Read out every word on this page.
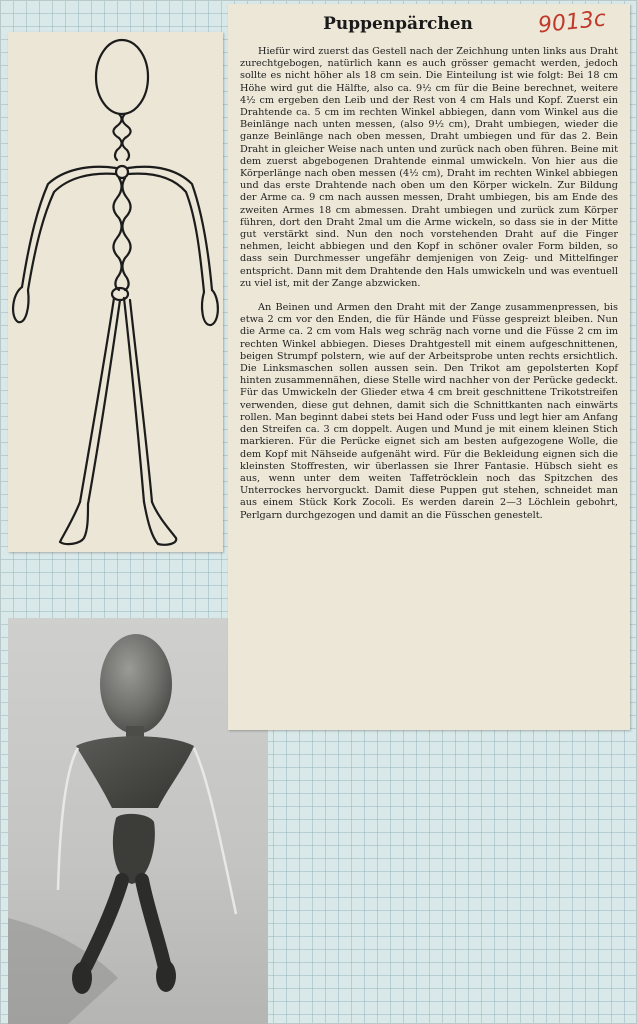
Puppenpärchen	9013c

Hiefür wird zuerst das Gestell nach der Zeichhung unten links aus Draht zurechtgebogen, natürlich kann es auch grösser gemacht werden, jedoch sollte es nicht höher als 18 cm sein. Die Einteilung ist wie folgt: Bei 18 cm Höhe wird gut die Hälfte, also ca. 9½ cm für die Beine berechnet, weitere 4½ cm ergeben den Leib und der Rest von 4 cm Hals und Kopf. Zuerst ein Drahtende ca. 5 cm im rechten Winkel abbiegen, dann vom Winkel aus die Beinlänge nach unten messen, (also 9½ cm), Draht umbiegen, wieder die ganze Beinlänge nach oben messen, Draht umbiegen und für das 2. Bein Draht in gleicher Weise nach unten und zurück nach oben führen. Beine mit dem zuerst abgebogenen Drahtende einmal umwickeln. Von hier aus die Körperlänge nach oben messen (4½ cm), Draht im rechten Winkel abbiegen und das erste Drahtende nach oben um den Körper wickeln. Zur Bildung der Arme ca. 9 cm nach aussen messen, Draht umbiegen, bis am Ende des zweiten Armes 18 cm abmessen. Draht umbiegen und zurück zum Körper führen, dort den Draht 2mal um die Arme wickeln, so dass sie in der Mitte gut verstärkt sind. Nun den noch vorstehenden Draht auf die Finger nehmen, leicht abbiegen und den Kopf in schöner ovaler Form bilden, so dass sein Durchmesser ungefähr demjenigen von Zeig- und Mittelfinger entspricht. Dann mit dem Drahtende den Hals umwickeln und was eventuell zu viel ist, mit der Zange abzwicken.

An Beinen und Armen den Draht mit der Zange zusammenpressen, bis etwa 2 cm vor den Enden, die für Hände und Füsse gespreizt bleiben. Nun die Arme ca. 2 cm vom Hals weg schräg nach vorne und die Füsse 2 cm im rechten Winkel abbiegen. Dieses Drahtgestell mit einem aufgeschnittenen, beigen Strumpf polstern, wie auf der Arbeitsprobe unten rechts ersichtlich. Die Linksmaschen sollen aussen sein. Den Trikot am gepolsterten Kopf hinten zusammennähen, diese Stelle wird nachher von der Perücke gedeckt. Für das Umwickeln der Glieder etwa 4 cm breit geschnittene Trikotstreifen verwenden, diese gut dehnen, damit sich die Schnittkanten nach einwärts rollen. Man beginnt dabei stets bei Hand oder Fuss und legt hier am Anfang den Streifen ca. 3 cm doppelt. Augen und Mund je mit einem kleinen Stich markieren. Für die Perücke eignet sich am besten aufgezogene Wolle, die dem Kopf mit Nähseide aufgenäht wird. Für die Bekleidung eignen sich die kleinsten Stoffresten, wir überlassen sie Ihrer Fantasie. Hübsch sieht es aus, wenn unter dem weiten Taffetröcklein noch das Spitzchen des Unterrockes hervorguckt. Damit diese Puppen gut stehen, schneidet man aus einem Stück Kork Zocoli. Es werden darein 2—3 Löchlein gebohrt, Perlgarn durchgezogen und damit an die Füsschen genestelt.
